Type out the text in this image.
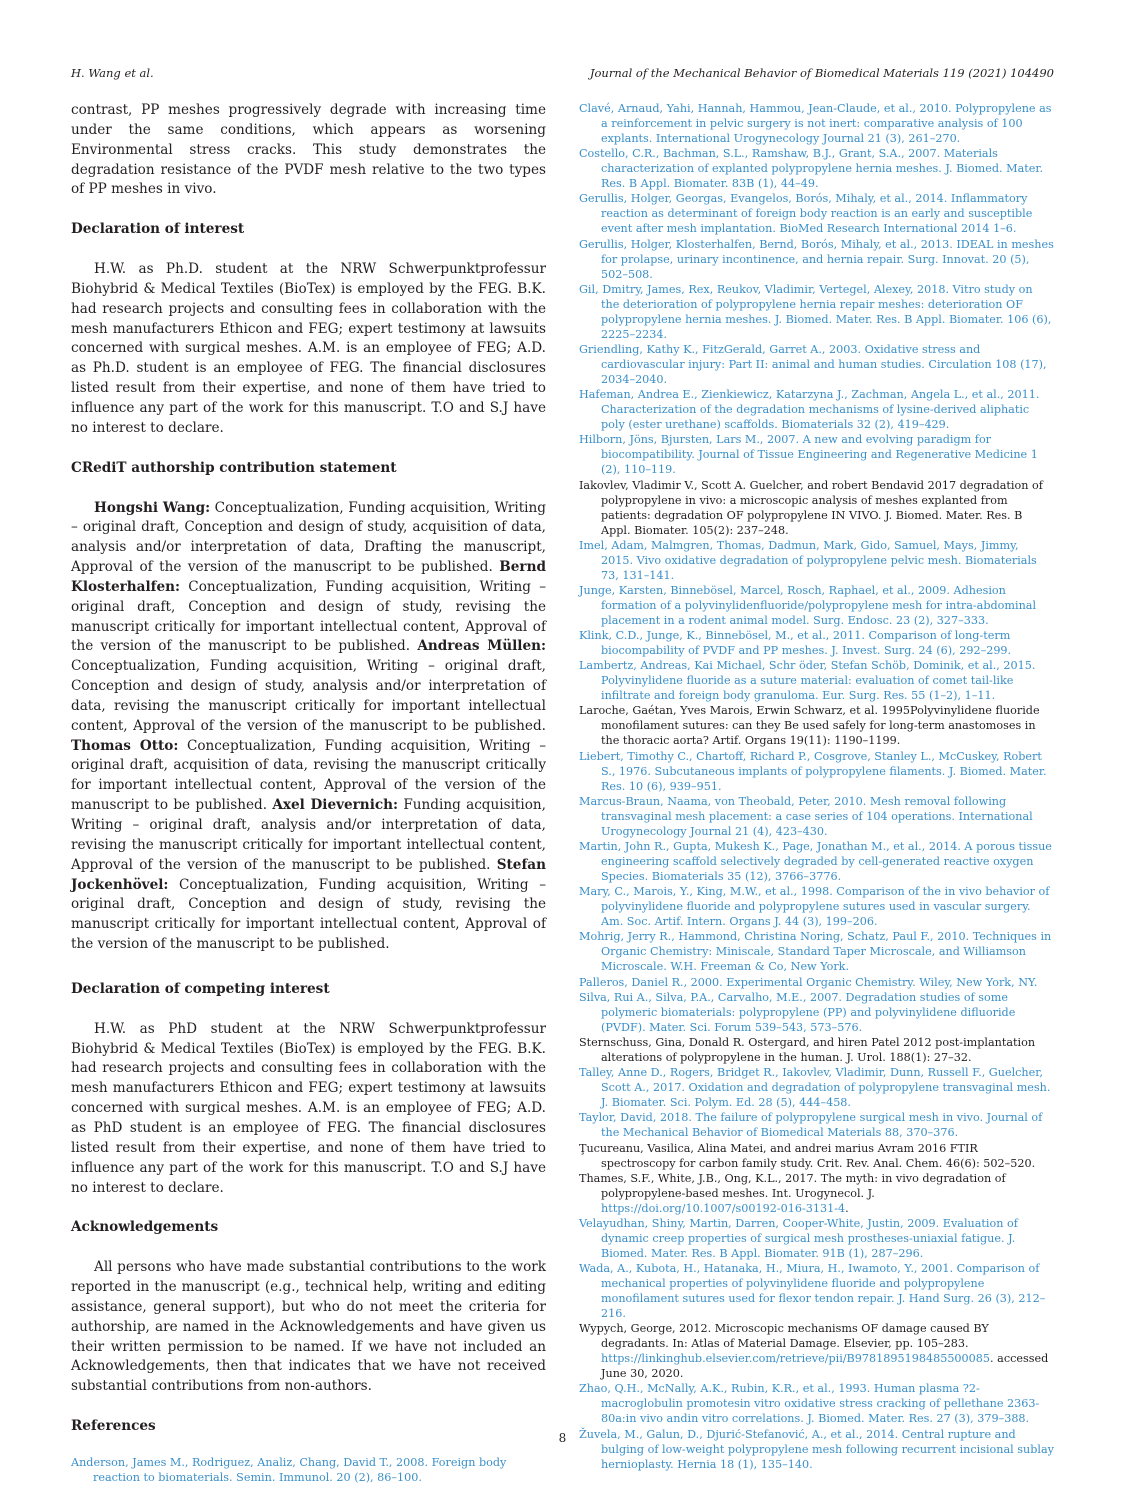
H. Wang et al.	Journal of the Mechanical Behavior of Biomedical Materials 119 (2021) 104490

contrast, PP meshes progressively degrade with increasing time under the same conditions, which appears as worsening Environmental stress cracks. This study demonstrates the degradation resistance of the PVDF mesh relative to the two types of PP meshes in vivo.

Declaration of interest

H.W. as Ph.D. student at the NRW Schwerpunktprofessur Biohybrid & Medical Textiles (BioTex) is employed by the FEG. B.K. had research projects and consulting fees in collaboration with the mesh manufacturers Ethicon and FEG; expert testimony at lawsuits concerned with surgical meshes. A.M. is an employee of FEG; A.D. as Ph.D. student is an employee of FEG. The financial disclosures listed result from their expertise, and none of them have tried to influence any part of the work for this manuscript. T.O and S.J have no interest to declare.

CRediT authorship contribution statement

Hongshi Wang: Conceptualization, Funding acquisition, Writing – original draft, Conception and design of study, acquisition of data, analysis and/or interpretation of data, Drafting the manuscript, Approval of the version of the manuscript to be published. Bernd Klosterhalfen: Conceptualization, Funding acquisition, Writing – original draft, Conception and design of study, revising the manuscript critically for important intellectual content, Approval of the version of the manuscript to be published. Andreas Müllen: Conceptualization, Funding acquisition, Writing – original draft, Conception and design of study, analysis and/or interpretation of data, revising the manuscript critically for important intellectual content, Approval of the version of the manuscript to be published. Thomas Otto: Conceptualization, Funding acquisition, Writing – original draft, acquisition of data, revising the manuscript critically for important intellectual content, Approval of the version of the manuscript to be published. Axel Dievernich: Funding acquisition, Writing – original draft, analysis and/or interpretation of data, revising the manuscript critically for important intellectual content, Approval of the version of the manuscript to be published. Stefan Jockenhövel: Conceptualization, Funding acquisition, Writing – original draft, Conception and design of study, revising the manuscript critically for important intellectual content, Approval of the version of the manuscript to be published.

Declaration of competing interest

H.W. as PhD student at the NRW Schwerpunktprofessur Biohybrid & Medical Textiles (BioTex) is employed by the FEG. B.K. had research projects and consulting fees in collaboration with the mesh manufacturers Ethicon and FEG; expert testimony at lawsuits concerned with surgical meshes. A.M. is an employee of FEG; A.D. as PhD student is an employee of FEG. The financial disclosures listed result from their expertise, and none of them have tried to influence any part of the work for this manuscript. T.O and S.J have no interest to declare.

Acknowledgements

All persons who have made substantial contributions to the work reported in the manuscript (e.g., technical help, writing and editing assistance, general support), but who do not meet the criteria for authorship, are named in the Acknowledgements and have given us their written permission to be named. If we have not included an Acknowledgements, then that indicates that we have not received substantial contributions from non-authors.

References

Anderson, James M., Rodriguez, Analiz, Chang, David T., 2008. Foreign body reaction to biomaterials. Semin. Immunol. 20 (2), 86–100.

Clavé, Arnaud, Yahi, Hannah, Hammou, Jean-Claude, et al., 2010. Polypropylene as a reinforcement in pelvic surgery is not inert: comparative analysis of 100 explants. International Urogynecology Journal 21 (3), 261–270.
Costello, C.R., Bachman, S.L., Ramshaw, B.J., Grant, S.A., 2007. Materials characterization of explanted polypropylene hernia meshes. J. Biomed. Mater. Res. B Appl. Biomater. 83B (1), 44–49.
Gerullis, Holger, Georgas, Evangelos, Borós, Mihaly, et al., 2014. Inflammatory reaction as determinant of foreign body reaction is an early and susceptible event after mesh implantation. BioMed Research International 2014 1–6.
Gerullis, Holger, Klosterhalfen, Bernd, Borós, Mihaly, et al., 2013. IDEAL in meshes for prolapse, urinary incontinence, and hernia repair. Surg. Innovat. 20 (5), 502–508.
Gil, Dmitry, James, Rex, Reukov, Vladimir, Vertegel, Alexey, 2018. Vitro study on the deterioration of polypropylene hernia repair meshes: deterioration OF polypropylene hernia meshes. J. Biomed. Mater. Res. B Appl. Biomater. 106 (6), 2225–2234.
Griendling, Kathy K., FitzGerald, Garret A., 2003. Oxidative stress and cardiovascular injury: Part II: animal and human studies. Circulation 108 (17), 2034–2040.
Hafeman, Andrea E., Zienkiewicz, Katarzyna J., Zachman, Angela L., et al., 2011. Characterization of the degradation mechanisms of lysine-derived aliphatic poly (ester urethane) scaffolds. Biomaterials 32 (2), 419–429.
Hilborn, Jöns, Bjursten, Lars M., 2007. A new and evolving paradigm for biocompatibility. Journal of Tissue Engineering and Regenerative Medicine 1 (2), 110–119.
Iakovlev, Vladimir V., Scott A. Guelcher, and robert Bendavid 2017 degradation of polypropylene in vivo: a microscopic analysis of meshes explanted from patients: degradation OF polypropylene IN VIVO. J. Biomed. Mater. Res. B Appl. Biomater. 105(2): 237–248.
Imel, Adam, Malmgren, Thomas, Dadmun, Mark, Gido, Samuel, Mays, Jimmy, 2015. Vivo oxidative degradation of polypropylene pelvic mesh. Biomaterials 73, 131–141.
Junge, Karsten, Binnebösel, Marcel, Rosch, Raphael, et al., 2009. Adhesion formation of a polyvinylidenfluoride/polypropylene mesh for intra-abdominal placement in a rodent animal model. Surg. Endosc. 23 (2), 327–333.
Klink, C.D., Junge, K., Binnebösel, M., et al., 2011. Comparison of long-term biocompability of PVDF and PP meshes. J. Invest. Surg. 24 (6), 292–299.
Lambertz, Andreas, Kai Michael, Schr öder, Stefan Schöb, Dominik, et al., 2015. Polyvinylidene fluoride as a suture material: evaluation of comet tail-like infiltrate and foreign body granuloma. Eur. Surg. Res. 55 (1–2), 1–11.
Laroche, Gaétan, Yves Marois, Erwin Schwarz, et al. 1995Polyvinylidene fluoride monofilament sutures: can they Be used safely for long-term anastomoses in the thoracic aorta? Artif. Organs 19(11): 1190–1199.
Liebert, Timothy C., Chartoff, Richard P., Cosgrove, Stanley L., McCuskey, Robert S., 1976. Subcutaneous implants of polypropylene filaments. J. Biomed. Mater. Res. 10 (6), 939–951.
Marcus-Braun, Naama, von Theobald, Peter, 2010. Mesh removal following transvaginal mesh placement: a case series of 104 operations. International Urogynecology Journal 21 (4), 423–430.
Martin, John R., Gupta, Mukesh K., Page, Jonathan M., et al., 2014. A porous tissue engineering scaffold selectively degraded by cell-generated reactive oxygen Species. Biomaterials 35 (12), 3766–3776.
Mary, C., Marois, Y., King, M.W., et al., 1998. Comparison of the in vivo behavior of polyvinylidene fluoride and polypropylene sutures used in vascular surgery. Am. Soc. Artif. Intern. Organs J. 44 (3), 199–206.
Mohrig, Jerry R., Hammond, Christina Noring, Schatz, Paul F., 2010. Techniques in Organic Chemistry: Miniscale, Standard Taper Microscale, and Williamson Microscale. W.H. Freeman & Co, New York.
Palleros, Daniel R., 2000. Experimental Organic Chemistry. Wiley, New York, NY.
Silva, Rui A., Silva, P.A., Carvalho, M.E., 2007. Degradation studies of some polymeric biomaterials: polypropylene (PP) and polyvinylidene difluoride (PVDF). Mater. Sci. Forum 539–543, 573–576.
Sternschuss, Gina, Donald R. Ostergard, and hiren Patel 2012 post-implantation alterations of polypropylene in the human. J. Urol. 188(1): 27–32.
Talley, Anne D., Rogers, Bridget R., Iakovlev, Vladimir, Dunn, Russell F., Guelcher, Scott A., 2017. Oxidation and degradation of polypropylene transvaginal mesh. J. Biomater. Sci. Polym. Ed. 28 (5), 444–458.
Taylor, David, 2018. The failure of polypropylene surgical mesh in vivo. Journal of the Mechanical Behavior of Biomedical Materials 88, 370–376.
Ţucureanu, Vasilica, Alina Matei, and andrei marius Avram 2016 FTIR spectroscopy for carbon family study. Crit. Rev. Anal. Chem. 46(6): 502–520.
Thames, S.F., White, J.B., Ong, K.L., 2017. The myth: in vivo degradation of polypropylene-based meshes. Int. Urogynecol. J. https://doi.org/10.1007/s00192-016-3131-4.
Velayudhan, Shiny, Martin, Darren, Cooper-White, Justin, 2009. Evaluation of dynamic creep properties of surgical mesh prostheses-uniaxial fatigue. J. Biomed. Mater. Res. B Appl. Biomater. 91B (1), 287–296.
Wada, A., Kubota, H., Hatanaka, H., Miura, H., Iwamoto, Y., 2001. Comparison of mechanical properties of polyvinylidene fluoride and polypropylene monofilament sutures used for flexor tendon repair. J. Hand Surg. 26 (3), 212–216.
Wypych, George, 2012. Microscopic mechanisms OF damage caused BY degradants. In: Atlas of Material Damage. Elsevier, pp. 105–283. https://linkinghub.elsevier.com/retrieve/pii/B9781895198485500085. accessed June 30, 2020.
Zhao, Q.H., McNally, A.K., Rubin, K.R., et al., 1993. Human plasma ?2-macroglobulin promotesin vitro oxidative stress cracking of pellethane 2363-80a:in vivo andin vitro correlations. J. Biomed. Mater. Res. 27 (3), 379–388.
Žuvela, M., Galun, D., Djurić-Stefanović, A., et al., 2014. Central rupture and bulging of low-weight polypropylene mesh following recurrent incisional sublay hernioplasty. Hernia 18 (1), 135–140.
8
